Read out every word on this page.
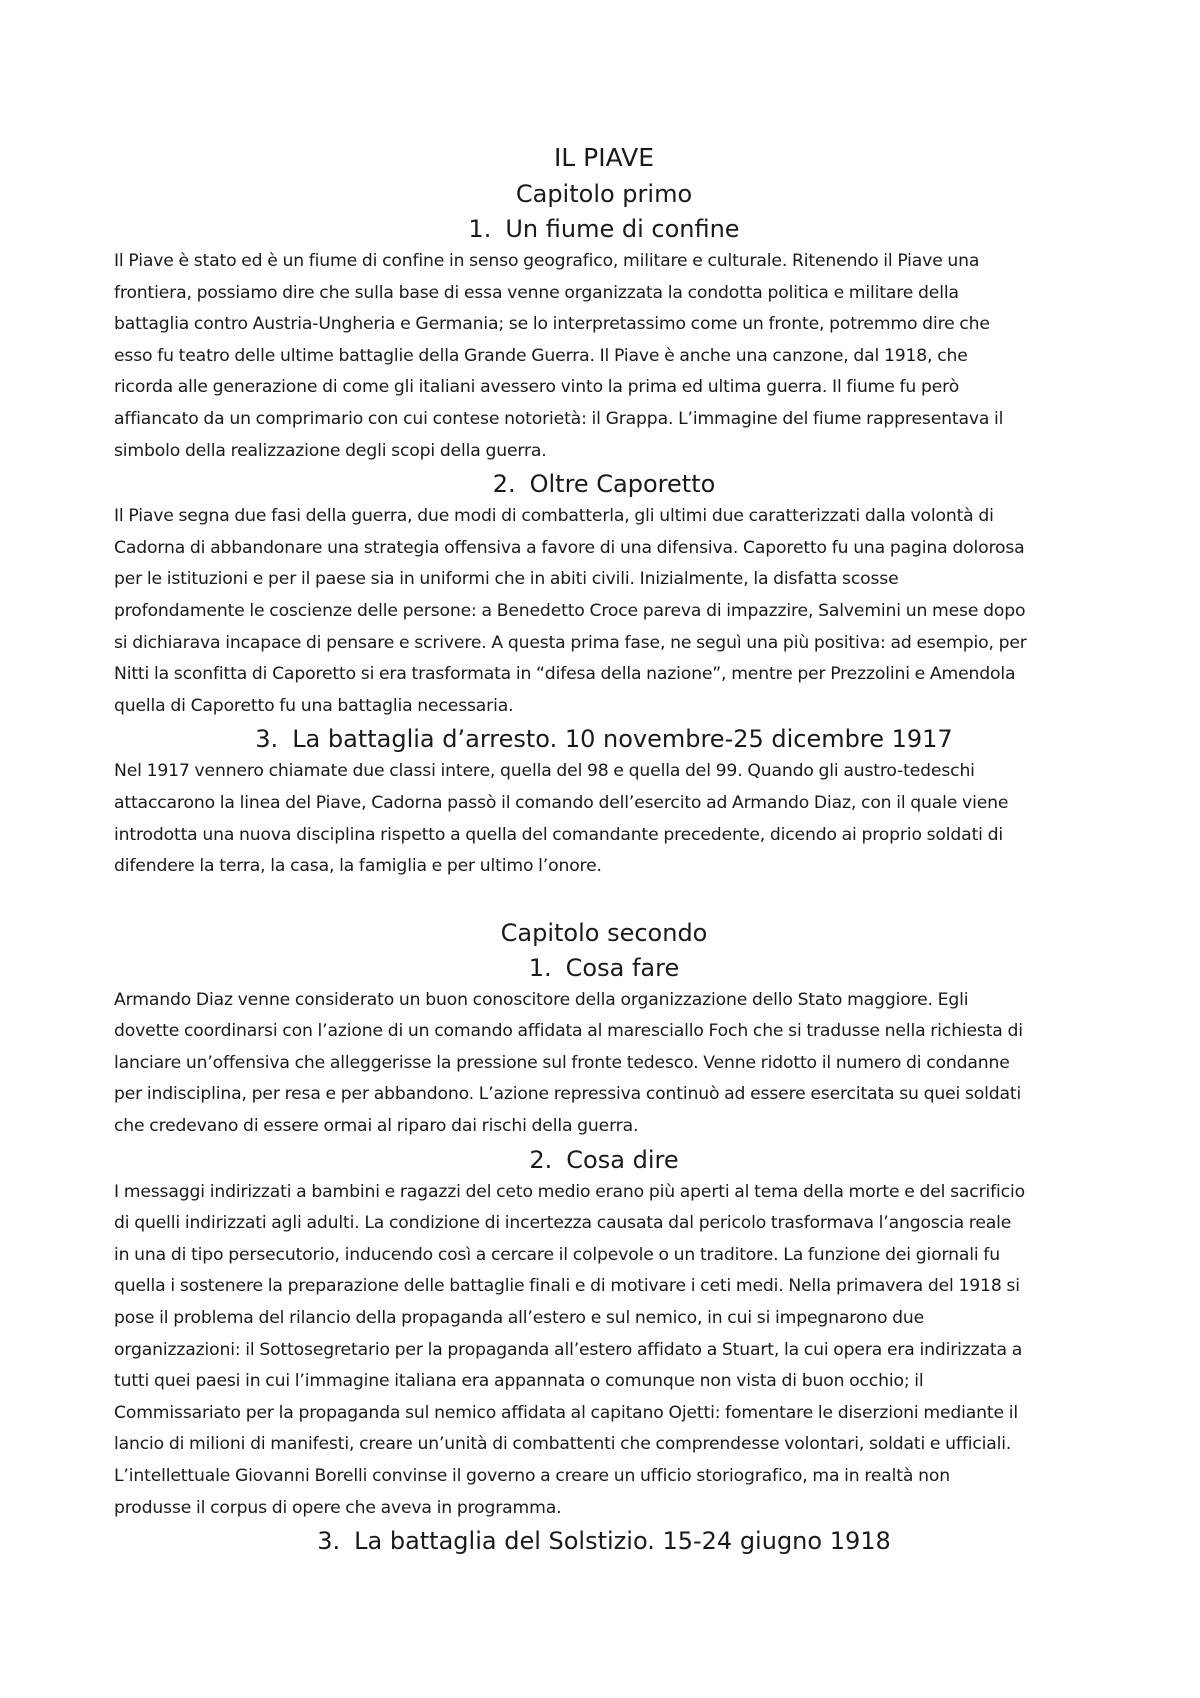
IL PIAVE
Capitolo primo
1. Un fiume di confine
Il Piave è stato ed è un fiume di confine in senso geografico, militare e culturale. Ritenendo il Piave una
frontiera, possiamo dire che sulla base di essa venne organizzata la condotta politica e militare della
battaglia contro Austria-Ungheria e Germania; se lo interpretassimo come un fronte, potremmo dire che
esso fu teatro delle ultime battaglie della Grande Guerra. Il Piave è anche una canzone, dal 1918, che
ricorda alle generazione di come gli italiani avessero vinto la prima ed ultima guerra. Il fiume fu però
affiancato da un comprimario con cui contese notorietà: il Grappa. L’immagine del fiume rappresentava il
simbolo della realizzazione degli scopi della guerra.
2. Oltre Caporetto
Il Piave segna due fasi della guerra, due modi di combatterla, gli ultimi due caratterizzati dalla volontà di
Cadorna di abbandonare una strategia offensiva a favore di una difensiva. Caporetto fu una pagina dolorosa
per le istituzioni e per il paese sia in uniformi che in abiti civili. Inizialmente, la disfatta scosse
profondamente le coscienze delle persone: a Benedetto Croce pareva di impazzire, Salvemini un mese dopo
si dichiarava incapace di pensare e scrivere. A questa prima fase, ne seguì una più positiva: ad esempio, per
Nitti la sconfitta di Caporetto si era trasformata in “difesa della nazione”, mentre per Prezzolini e Amendola
quella di Caporetto fu una battaglia necessaria.
3. La battaglia d’arresto. 10 novembre-25 dicembre 1917
Nel 1917 vennero chiamate due classi intere, quella del 98 e quella del 99. Quando gli austro-tedeschi
attaccarono la linea del Piave, Cadorna passò il comando dell’esercito ad Armando Diaz, con il quale viene
introdotta una nuova disciplina rispetto a quella del comandante precedente, dicendo ai proprio soldati di
difendere la terra, la casa, la famiglia e per ultimo l’onore.
Capitolo secondo
1. Cosa fare
Armando Diaz venne considerato un buon conoscitore della organizzazione dello Stato maggiore. Egli
dovette coordinarsi con l’azione di un comando affidata al maresciallo Foch che si tradusse nella richiesta di
lanciare un’offensiva che alleggerisse la pressione sul fronte tedesco. Venne ridotto il numero di condanne
per indisciplina, per resa e per abbandono. L’azione repressiva continuò ad essere esercitata su quei soldati
che credevano di essere ormai al riparo dai rischi della guerra.
2. Cosa dire
I messaggi indirizzati a bambini e ragazzi del ceto medio erano più aperti al tema della morte e del sacrificio
di quelli indirizzati agli adulti. La condizione di incertezza causata dal pericolo trasformava l’angoscia reale
in una di tipo persecutorio, inducendo così a cercare il colpevole o un traditore. La funzione dei giornali fu
quella i sostenere la preparazione delle battaglie finali e di motivare i ceti medi. Nella primavera del 1918 si
pose il problema del rilancio della propaganda all’estero e sul nemico, in cui si impegnarono due
organizzazioni: il Sottosegretario per la propaganda all’estero affidato a Stuart, la cui opera era indirizzata a
tutti quei paesi in cui l’immagine italiana era appannata o comunque non vista di buon occhio; il
Commissariato per la propaganda sul nemico affidata al capitano Ojetti: fomentare le diserzioni mediante il
lancio di milioni di manifesti, creare un’unità di combattenti che comprendesse volontari, soldati e ufficiali.
L’intellettuale Giovanni Borelli convinse il governo a creare un ufficio storiografico, ma in realtà non
produsse il corpus di opere che aveva in programma.
3. La battaglia del Solstizio. 15-24 giugno 1918
